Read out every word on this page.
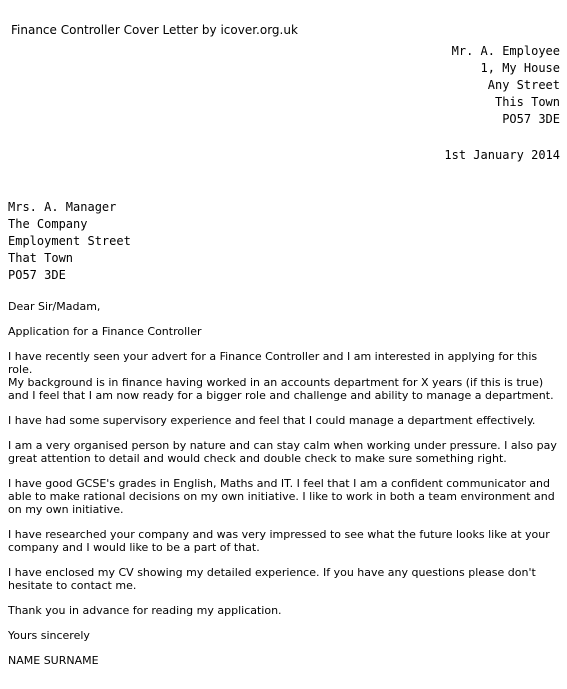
Finance Controller Cover Letter by icover.org.uk
Mr. A. Employee
1, My House
Any Street
This Town
PO57 3DE
1st January 2014
Mrs. A. Manager
The Company
Employment Street
That Town
PO57 3DE

Dear Sir/Madam,

Application for a Finance Controller

I have recently seen your advert for a Finance Controller and I am interested in applying for this role.
My background is in finance having worked in an accounts department for X years (if this is true) and I feel that I am now ready for a bigger role and challenge and ability to manage a department.

I have had some supervisory experience and feel that I could manage a department effectively.

I am a very organised person by nature and can stay calm when working under pressure. I also pay great attention to detail and would check and double check to make sure something right.

I have good GCSE's grades in English, Maths and IT. I feel that I am a confident communicator and able to make rational decisions on my own initiative. I like to work in both a team environment and on my own initiative.

I have researched your company and was very impressed to see what the future looks like at your company and I would like to be a part of that.

I have enclosed my CV showing my detailed experience. If you have any questions please don't hesitate to contact me.

Thank you in advance for reading my application.

Yours sincerely

NAME SURNAME
